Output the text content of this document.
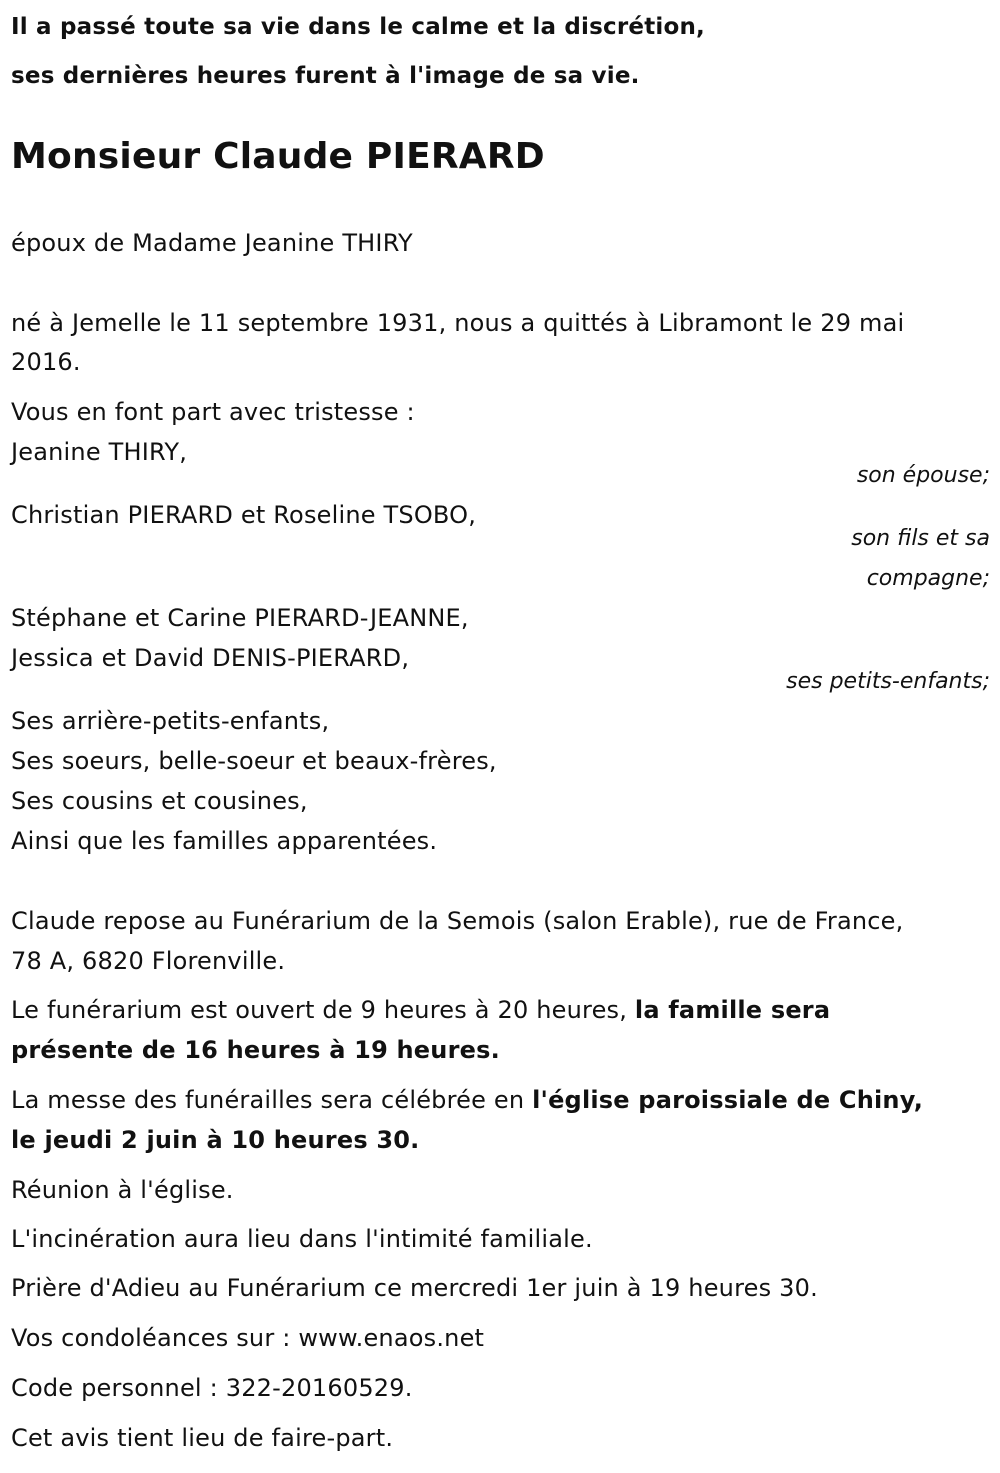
Il a passé toute sa vie dans le calme et la discrétion,
ses dernières heures furent à l'image de sa vie.
Monsieur Claude PIERARD
époux de Madame Jeanine THIRY
né à Jemelle le 11 septembre 1931, nous a quittés à Libramont le 29 mai
2016.
Vous en font part avec tristesse :
Jeanine THIRY,
son épouse;
Christian PIERARD et Roseline TSOBO,
son fils et sa
compagne;
Stéphane et Carine PIERARD-JEANNE,
Jessica et David DENIS-PIERARD,
ses petits-enfants;
Ses arrière-petits-enfants,
Ses soeurs, belle-soeur et beaux-frères,
Ses cousins et cousines,
Ainsi que les familles apparentées.
Claude repose au Funérarium de la Semois (salon Erable), rue de France,
78 A, 6820 Florenville.
Le funérarium est ouvert de 9 heures à 20 heures, la famille sera
présente de 16 heures à 19 heures.
La messe des funérailles sera célébrée en l'église paroissiale de Chiny,
le jeudi 2 juin à 10 heures 30.
Réunion à l'église.
L'incinération aura lieu dans l'intimité familiale.
Prière d'Adieu au Funérarium ce mercredi 1er juin à 19 heures 30.
Vos condoléances sur : www.enaos.net
Code personnel : 322-20160529.
Cet avis tient lieu de faire-part.
